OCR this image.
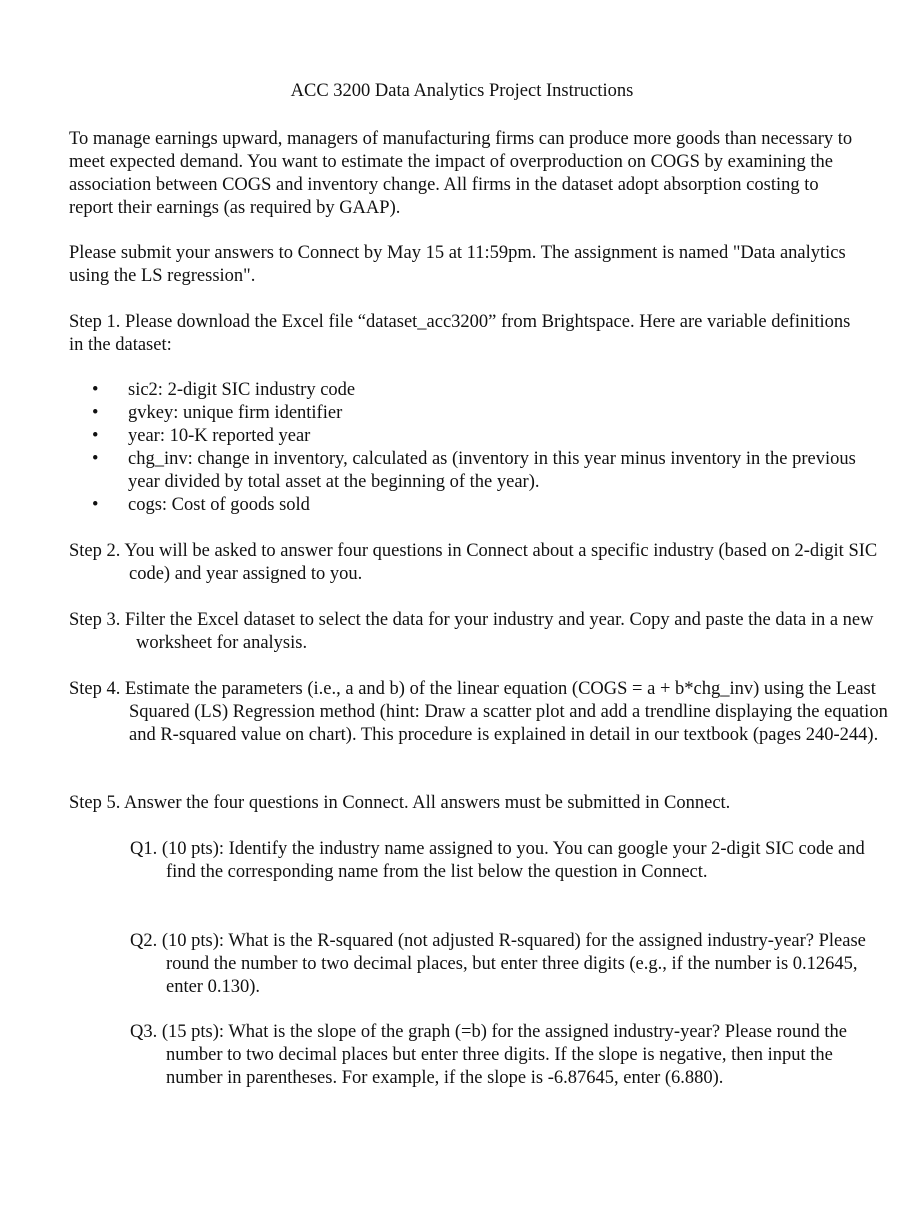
ACC 3200 Data Analytics Project Instructions

To manage earnings upward, managers of manufacturing firms can produce more goods than necessary to meet expected demand. You want to estimate the impact of overproduction on COGS by examining the association between COGS and inventory change. All firms in the dataset adopt absorption costing to report their earnings (as required by GAAP).

Please submit your answers to Connect by May 15 at 11:59pm. The assignment is named "Data analytics using the LS regression".

Step 1. Please download the Excel file “dataset_acc3200” from Brightspace. Here are variable definitions in the dataset:

• sic2: 2-digit SIC industry code
• gvkey: unique firm identifier
• year: 10-K reported year
• chg_inv: change in inventory, calculated as (inventory in this year minus inventory in the previous year divided by total asset at the beginning of the year).
• cogs: Cost of goods sold

Step 2. You will be asked to answer four questions in Connect about a specific industry (based on 2-digit SIC code) and year assigned to you.

Step 3. Filter the Excel dataset to select the data for your industry and year. Copy and paste the data in a new worksheet for analysis.

Step 4. Estimate the parameters (i.e., a and b) of the linear equation (COGS = a + b*chg_inv) using the Least Squared (LS) Regression method (hint: Draw a scatter plot and add a trendline displaying the equation and R-squared value on chart). This procedure is explained in detail in our textbook (pages 240-244).

Step 5. Answer the four questions in Connect. All answers must be submitted in Connect.

Q1. (10 pts): Identify the industry name assigned to you. You can google your 2-digit SIC code and find the corresponding name from the list below the question in Connect.

Q2. (10 pts): What is the R-squared (not adjusted R-squared) for the assigned industry-year? Please round the number to two decimal places, but enter three digits (e.g., if the number is 0.12645, enter 0.130).

Q3. (15 pts): What is the slope of the graph (=b) for the assigned industry-year? Please round the number to two decimal places but enter three digits. If the slope is negative, then input the number in parentheses. For example, if the slope is -6.87645, enter (6.880).
